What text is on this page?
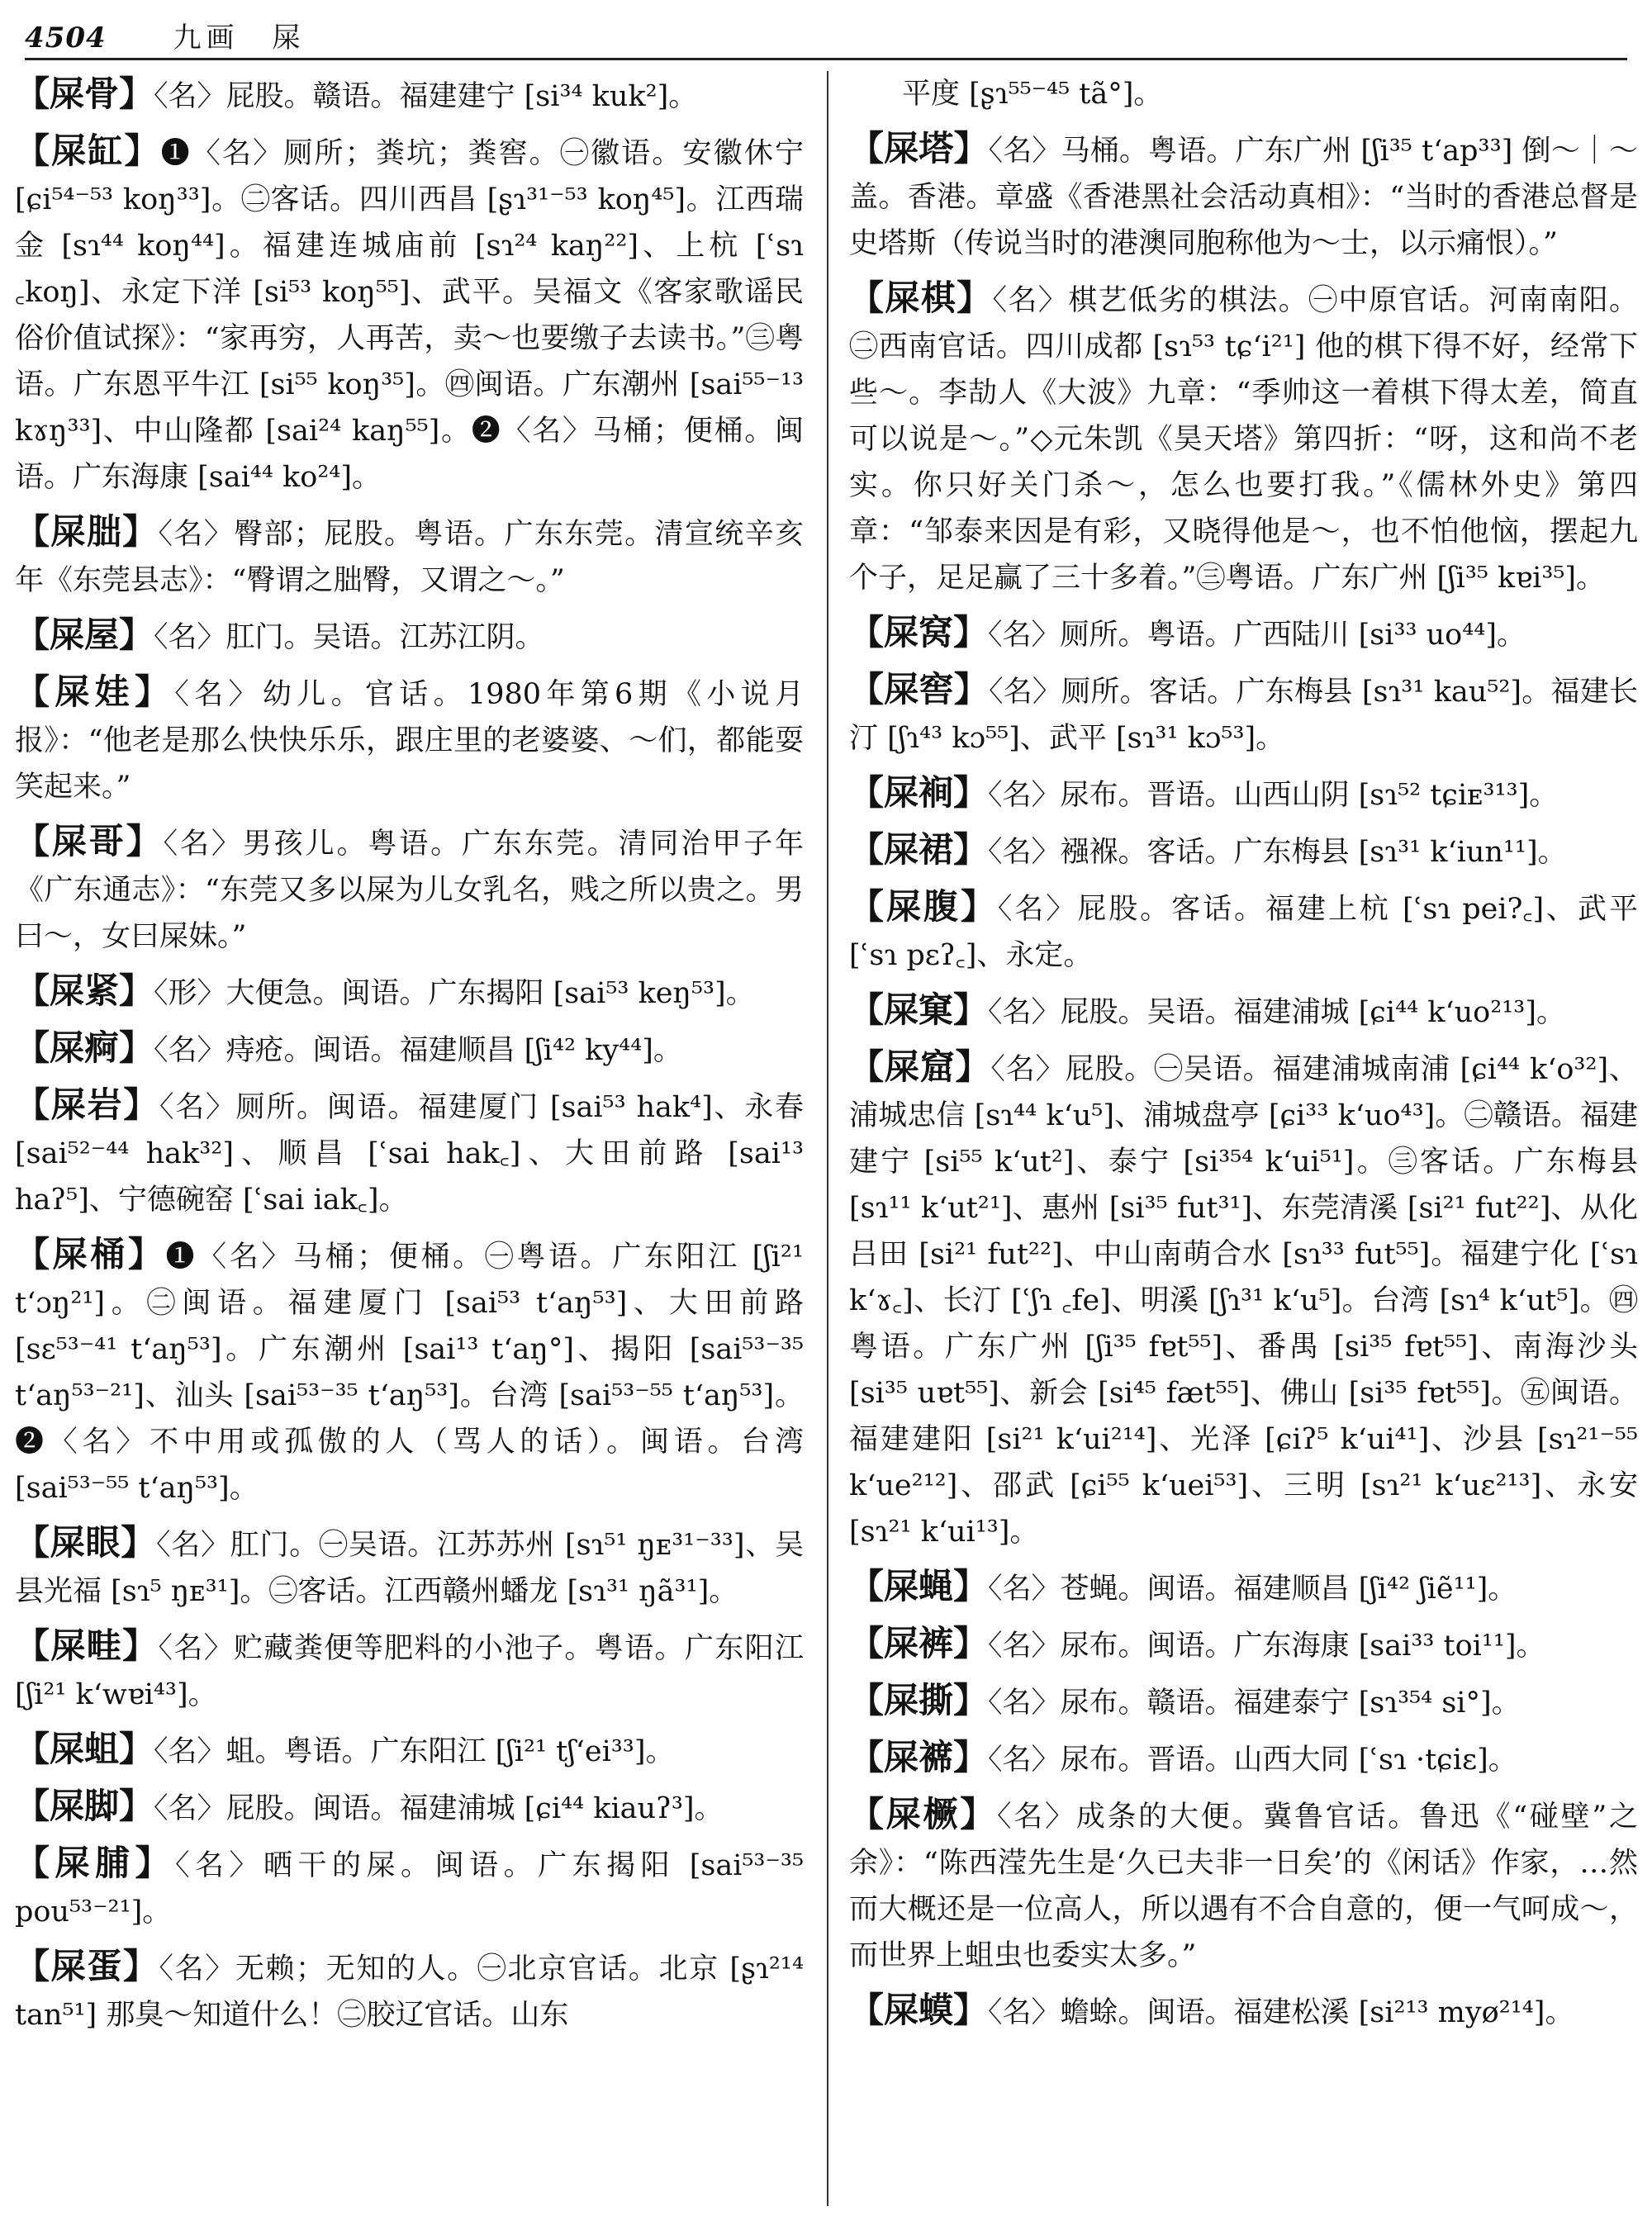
4504 九画　屎

【屎骨】〈名〉屁股。赣语。福建建宁 [si³⁴ kuk²]。

【屎缸】❶〈名〉厕所；粪坑；粪窖。㊀徽语。安徽休宁 [ɕi⁵⁴⁻⁵³ koŋ³³]。㊁客话。四川西昌 [ʂɿ³¹⁻⁵³ koŋ⁴⁵]。江西瑞金 [sɿ⁴⁴ koŋ⁴⁴]。福建连城庙前 [sɿ²⁴ kaŋ²²]、上杭 [ʿsɿ ꜀koŋ]、永定下洋 [si⁵³ koŋ⁵⁵]、武平。吴福文《客家歌谣民俗价值试探》：“家再穷，人再苦，卖～也要缴子去读书。”㊂粤语。广东恩平牛江 [si⁵⁵ koŋ³⁵]。㊃闽语。广东潮州 [sai⁵⁵⁻¹³ kɤŋ³³]、中山隆都 [sai²⁴ kaŋ⁵⁵]。❷〈名〉马桶；便桶。闽语。广东海康 [sai⁴⁴ ko²⁴]。

【屎朏】〈名〉臀部；屁股。粤语。广东东莞。清宣统辛亥年《东莞县志》：“臀谓之朏臀，又谓之～。”

【屎屋】〈名〉肛门。吴语。江苏江阴。

【屎娃】〈名〉幼儿。官话。1980年第6期《小说月报》：“他老是那么快快乐乐，跟庄里的老婆婆、～们，都能耍笑起来。”

【屎哥】〈名〉男孩儿。粤语。广东东莞。清同治甲子年《广东通志》：“东莞又多以屎为儿女乳名，贱之所以贵之。男曰～，女曰屎妹。”

【屎紧】〈形〉大便急。闽语。广东揭阳 [sai⁵³ keŋ⁵³]。

【屎痾】〈名〉痔疮。闽语。福建顺昌 [ʃi⁴² ky⁴⁴]。

【屎岩】〈名〉厕所。闽语。福建厦门 [sai⁵³ hak⁴]、永春 [sai⁵²⁻⁴⁴ hak³²]、顺昌 [ʿsai hak꜀]、大田前路 [sai¹³ haʔ⁵]、宁德碗窑 [ʿsai iak꜀]。

【屎桶】❶〈名〉马桶；便桶。㊀粤语。广东阳江 [ʃi²¹ tʻɔŋ²¹]。㊁闽语。福建厦门 [sai⁵³ tʻaŋ⁵³]、大田前路 [sɛ⁵³⁻⁴¹ tʻaŋ⁵³]。广东潮州 [sai¹³ tʻaŋ°]、揭阳 [sai⁵³⁻³⁵ tʻaŋ⁵³⁻²¹]、汕头 [sai⁵³⁻³⁵ tʻaŋ⁵³]。台湾 [sai⁵³⁻⁵⁵ tʻaŋ⁵³]。❷〈名〉不中用或孤傲的人（骂人的话）。闽语。台湾 [sai⁵³⁻⁵⁵ tʻaŋ⁵³]。

【屎眼】〈名〉肛门。㊀吴语。江苏苏州 [sɿ⁵¹ ŋᴇ³¹⁻³³]、吴县光福 [sɿ⁵ ŋᴇ³¹]。㊁客话。江西赣州蟠龙 [sɿ³¹ ŋã³¹]。

【屎畦】〈名〉贮藏粪便等肥料的小池子。粤语。广东阳江 [ʃi²¹ kʻwɐi⁴³]。

【屎蛆】〈名〉蛆。粤语。广东阳江 [ʃi²¹ tʃʻei³³]。

【屎脚】〈名〉屁股。闽语。福建浦城 [ɕi⁴⁴ kiauʔ³]。

【屎脯】〈名〉晒干的屎。闽语。广东揭阳 [sai⁵³⁻³⁵ pou⁵³⁻²¹]。

【屎蛋】〈名〉无赖；无知的人。㊀北京官话。北京 [ʂɿ²¹⁴ tan⁵¹] 那臭～知道什么！㊁胶辽官话。山东

平度 [ʂɿ⁵⁵⁻⁴⁵ tã°]。

【屎塔】〈名〉马桶。粤语。广东广州 [ʃi³⁵ tʻap³³] 倒～｜～盖。香港。章盛《香港黑社会活动真相》：“当时的香港总督是史塔斯（传说当时的港澳同胞称他为～士，以示痛恨）。”

【屎棋】〈名〉棋艺低劣的棋法。㊀中原官话。河南南阳。㊁西南官话。四川成都 [sɿ⁵³ tɕʻi²¹] 他的棋下得不好，经常下些～。李劼人《大波》九章：“季帅这一着棋下得太差，简直可以说是～。”◇元朱凯《昊天塔》第四折：“呀，这和尚不老实。你只好关门杀～，怎么也要打我。”《儒林外史》第四章：“邹泰来因是有彩，又晓得他是～，也不怕他恼，摆起九个子，足足赢了三十多着。”㊂粤语。广东广州 [ʃi³⁵ kɐi³⁵]。

【屎窝】〈名〉厕所。粤语。广西陆川 [si³³ uo⁴⁴]。

【屎窖】〈名〉厕所。客话。广东梅县 [sɿ³¹ kau⁵²]。福建长汀 [ʃɿ⁴³ kɔ⁵⁵]、武平 [sɿ³¹ kɔ⁵³]。

【屎裥】〈名〉尿布。晋语。山西山阴 [sɿ⁵² tɕiᴇ³¹³]。

【屎裙】〈名〉襁褓。客话。广东梅县 [sɿ³¹ kʻiun¹¹]。

【屎腹】〈名〉屁股。客话。福建上杭 [ʿsɿ pei?꜀]、武平 [ʿsɿ pɛʔ꜀]、永定。

【屎窠】〈名〉屁股。吴语。福建浦城 [ɕi⁴⁴ kʻuo²¹³]。

【屎窟】〈名〉屁股。㊀吴语。福建浦城南浦 [ɕi⁴⁴ kʻo³²]、浦城忠信 [sɿ⁴⁴ kʻu⁵]、浦城盘亭 [ɕi³³ kʻuo⁴³]。㊁赣语。福建建宁 [si⁵⁵ kʻut²]、泰宁 [si³⁵⁴ kʻui⁵¹]。㊂客话。广东梅县 [sɿ¹¹ kʻut²¹]、惠州 [si³⁵ fut³¹]、东莞清溪 [si²¹ fut²²]、从化吕田 [si²¹ fut²²]、中山南萌合水 [sɿ³³ fut⁵⁵]。福建宁化 [ʿsɿ kʻɤ꜀]、长汀 [ʿʃɿ ꜀fe]、明溪 [ʃɿ³¹ kʻu⁵]。台湾 [sɿ⁴ kʻut⁵]。㊃粤语。广东广州 [ʃi³⁵ fɐt⁵⁵]、番禺 [si³⁵ fɐt⁵⁵]、南海沙头 [si³⁵ uɐt⁵⁵]、新会 [si⁴⁵ fæt⁵⁵]、佛山 [si³⁵ fɐt⁵⁵]。㊄闽语。福建建阳 [si²¹ kʻui²¹⁴]、光泽 [ɕiʔ⁵ kʻui⁴¹]、沙县 [sɿ²¹⁻⁵⁵ kʻue²¹²]、邵武 [ɕi⁵⁵ kʻuei⁵³]、三明 [sɿ²¹ kʻuɛ²¹³]、永安 [sɿ²¹ kʻui¹³]。

【屎蝇】〈名〉苍蝇。闽语。福建顺昌 [ʃi⁴² ʃiẽ¹¹]。

【屎裤】〈名〉尿布。闽语。广东海康 [sai³³ toi¹¹]。

【屎撕】〈名〉尿布。赣语。福建泰宁 [sɿ³⁵⁴ si°]。

【屎褯】〈名〉尿布。晋语。山西大同 [ʿsɿ ·tɕiɛ]。

【屎橛】〈名〉成条的大便。冀鲁官话。鲁迅《“碰壁”之余》：“陈西滢先生是‘久已夫非一日矣’的《闲话》作家，…然而大概还是一位高人，所以遇有不合自意的，便一气呵成～，而世界上蛆虫也委实太多。”

【屎蟆】〈名〉蟾蜍。闽语。福建松溪 [si²¹³ myø²¹⁴]。
